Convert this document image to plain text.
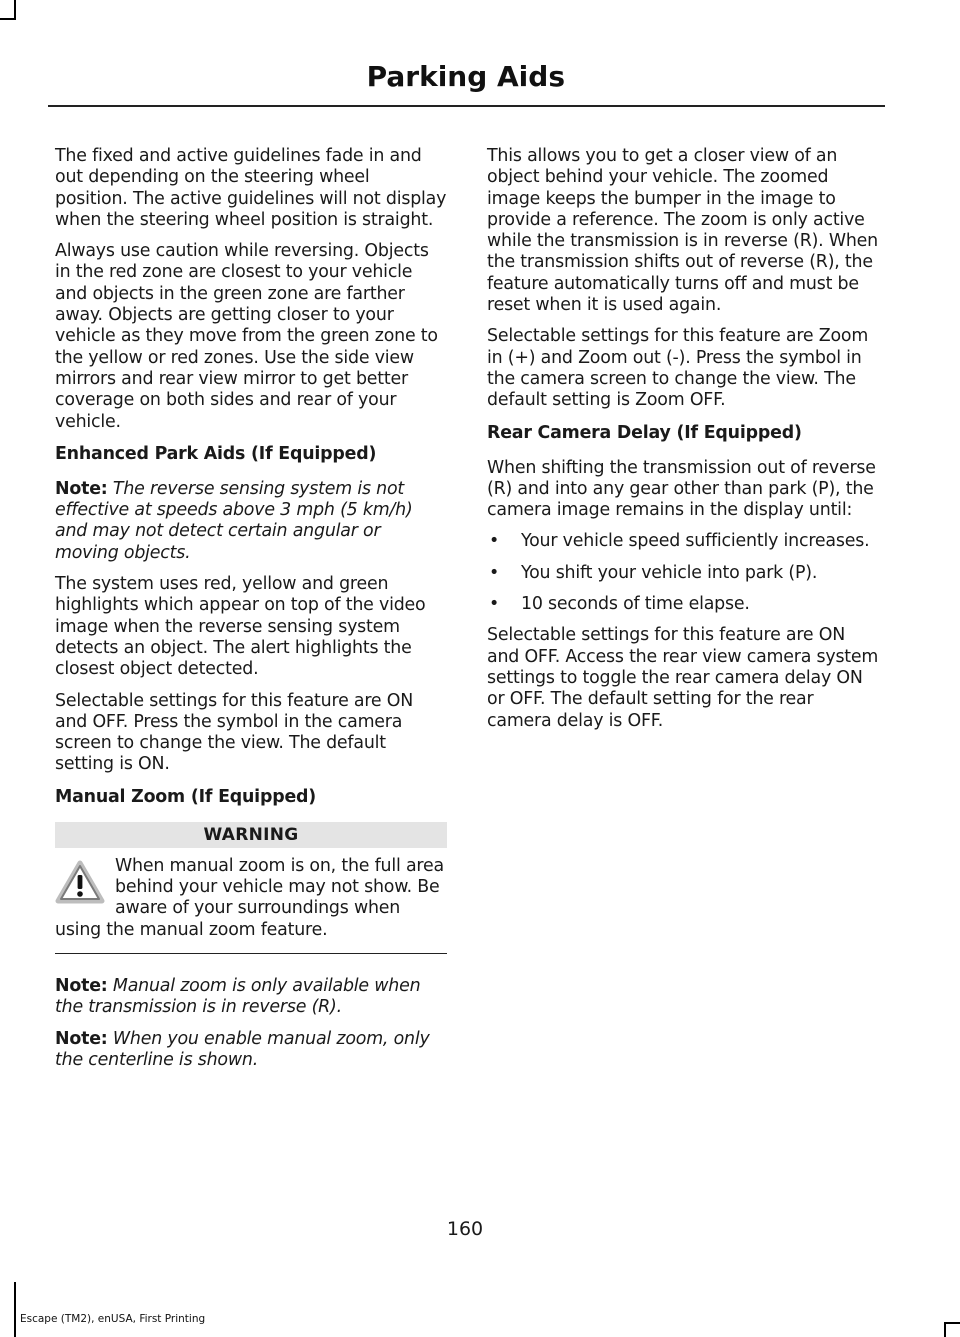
Parking Aids

The fixed and active guidelines fade in and out depending on the steering wheel position. The active guidelines will not display when the steering wheel position is straight.

Always use caution while reversing. Objects in the red zone are closest to your vehicle and objects in the green zone are farther away. Objects are getting closer to your vehicle as they move from the green zone to the yellow or red zones. Use the side view mirrors and rear view mirror to get better coverage on both sides and rear of your vehicle.

Enhanced Park Aids (If Equipped)

Note: The reverse sensing system is not effective at speeds above 3 mph (5 km/h) and may not detect certain angular or moving objects.

The system uses red, yellow and green highlights which appear on top of the video image when the reverse sensing system detects an object. The alert highlights the closest object detected.

Selectable settings for this feature are ON and OFF. Press the symbol in the camera screen to change the view. The default setting is ON.

Manual Zoom (If Equipped)
WARNING

When manual zoom is on, the full area behind your vehicle may not show. Be aware of your surroundings when using the manual zoom feature.

Note: Manual zoom is only available when the transmission is in reverse (R).

Note: When you enable manual zoom, only the centerline is shown.

This allows you to get a closer view of an object behind your vehicle. The zoomed image keeps the bumper in the image to provide a reference. The zoom is only active while the transmission is in reverse (R). When the transmission shifts out of reverse (R), the feature automatically turns off and must be reset when it is used again.

Selectable settings for this feature are Zoom in (+) and Zoom out (-). Press the symbol in the camera screen to change the view. The default setting is Zoom OFF.

Rear Camera Delay (If Equipped)

When shifting the transmission out of reverse (R) and into any gear other than park (P), the camera image remains in the display until:

• Your vehicle speed sufficiently increases.
• You shift your vehicle into park (P).
• 10 seconds of time elapse.

Selectable settings for this feature are ON and OFF. Access the rear view camera system settings to toggle the rear camera delay ON or OFF. The default setting for the rear camera delay is OFF.

160
Escape (TM2), enUSA, First Printing
